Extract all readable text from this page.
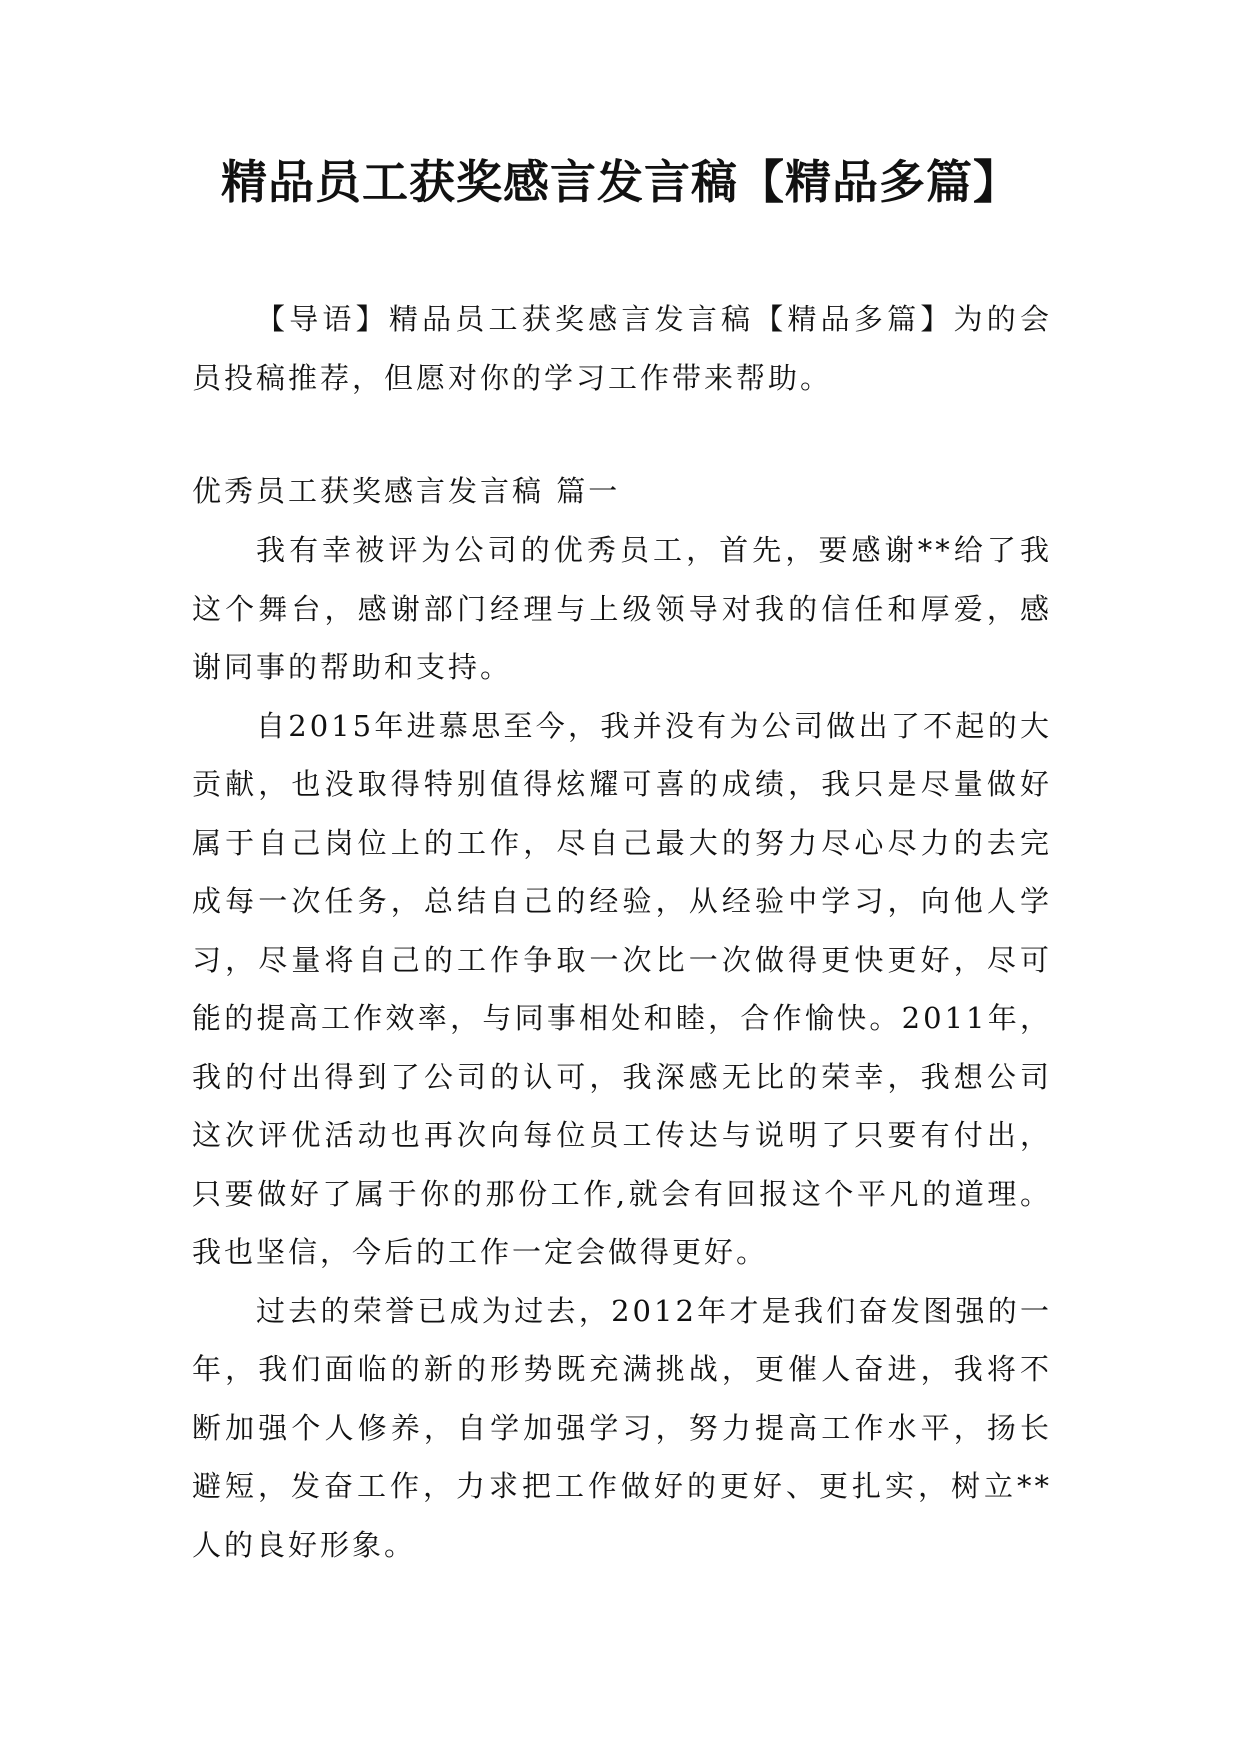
精品员工获奖感言发言稿【精品多篇】

【导语】精品员工获奖感言发言稿【精品多篇】为的会员投稿推荐，但愿对你的学习工作带来帮助。

优秀员工获奖感言发言稿 篇一

我有幸被评为公司的优秀员工，首先，要感谢**给了我这个舞台，感谢部门经理与上级领导对我的信任和厚爱，感谢同事的帮助和支持。

自2015年进慕思至今，我并没有为公司做出了不起的大贡献，也没取得特别值得炫耀可喜的成绩，我只是尽量做好属于自己岗位上的工作，尽自己最大的努力尽心尽力的去完成每一次任务，总结自己的经验，从经验中学习，向他人学习，尽量将自己的工作争取一次比一次做得更快更好，尽可能的提高工作效率，与同事相处和睦，合作愉快。2011年，我的付出得到了公司的认可，我深感无比的荣幸，我想公司这次评优活动也再次向每位员工传达与说明了只要有付出，只要做好了属于你的那份工作,就会有回报这个平凡的道理。我也坚信，今后的工作一定会做得更好。

过去的荣誉已成为过去，2012年才是我们奋发图强的一年，我们面临的新的形势既充满挑战，更催人奋进，我将不断加强个人修养，自学加强学习，努力提高工作水平，扬长避短，发奋工作，力求把工作做好的更好、更扎实，树立**人的良好形象。
